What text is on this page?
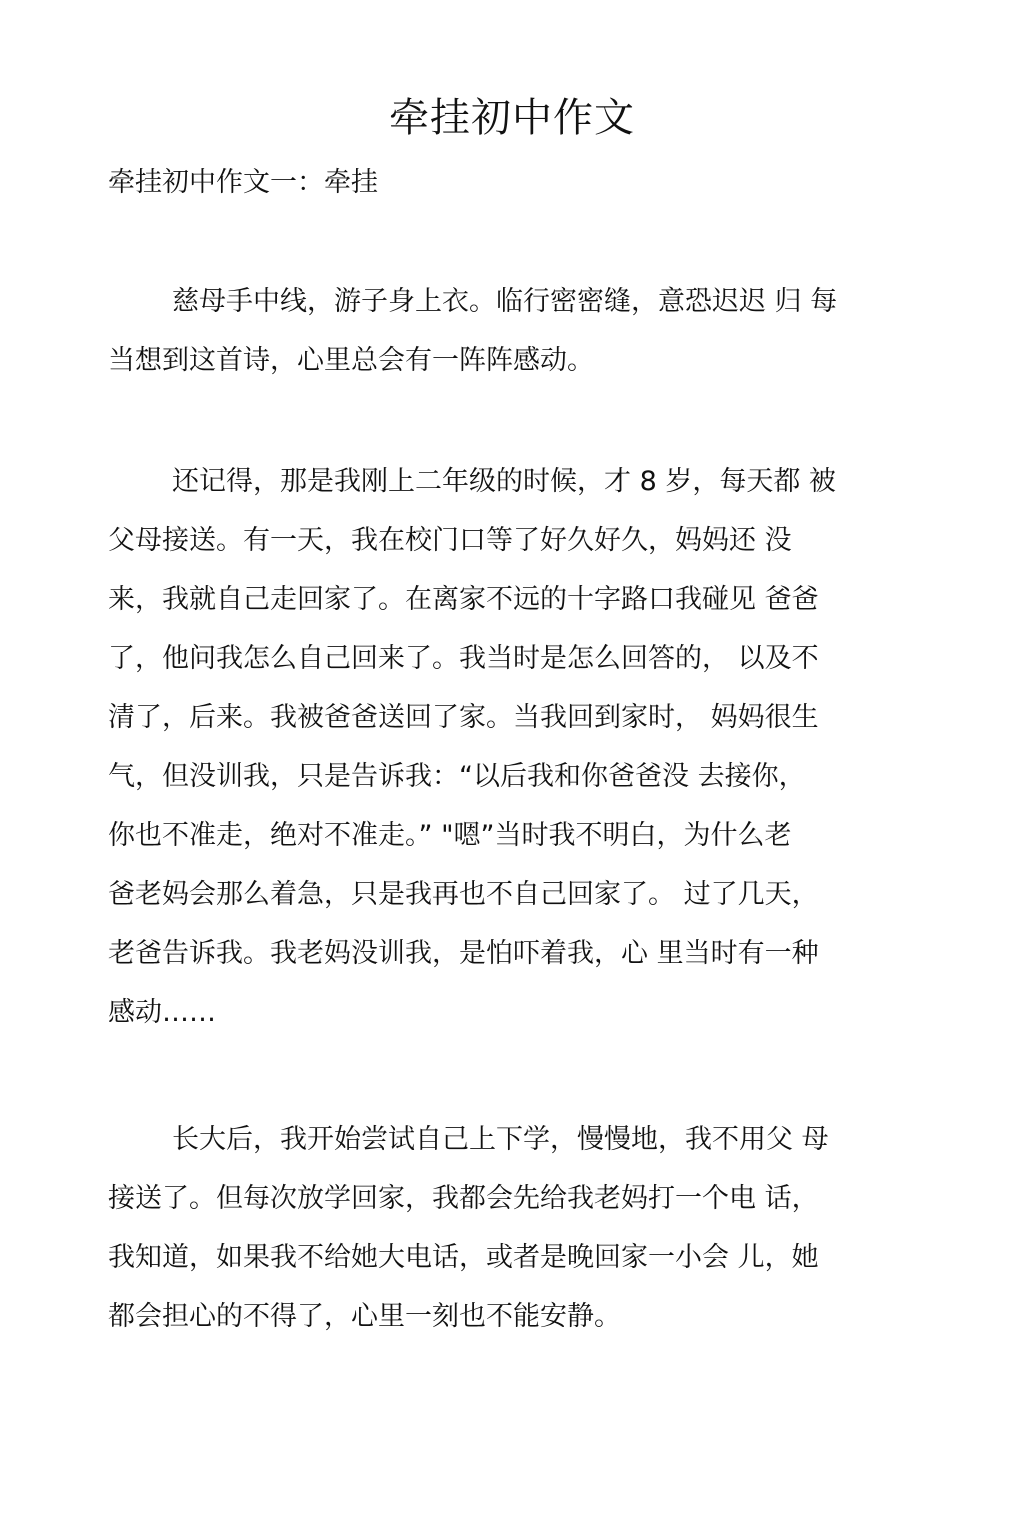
牵挂初中作文

牵挂初中作文一：牵挂

慈母手中线，游子身上衣。临行密密缝，意恐迟迟 归 每
当想到这首诗，心里总会有一阵阵感动。
还记得，那是我刚上二年级的时候，才 8 岁，每天都 被
父母接送。有一天，我在校门口等了好久好久，妈妈还 没
来，我就自己走回家了。在离家不远的十字路口我碰见 爸爸
了，他问我怎么自己回来了。我当时是怎么回答的， 以及不
清了，后来。我被爸爸送回了家。当我回到家时， 妈妈很生
气，但没训我，只是告诉我：“以后我和你爸爸没 去接你，
你也不准走，绝对不准走。” "嗯”当时我不明白，为什么老
爸老妈会那么着急，只是我再也不自己回家了。 过了几天，
老爸告诉我。我老妈没训我，是怕吓着我，心 里当时有一种
感动……
长大后，我开始尝试自己上下学，慢慢地，我不用父 母
接送了。但每次放学回家，我都会先给我老妈打一个电 话，
我知道，如果我不给她大电话，或者是晚回家一小会 儿，她
都会担心的不得了，心里一刻也不能安静。
